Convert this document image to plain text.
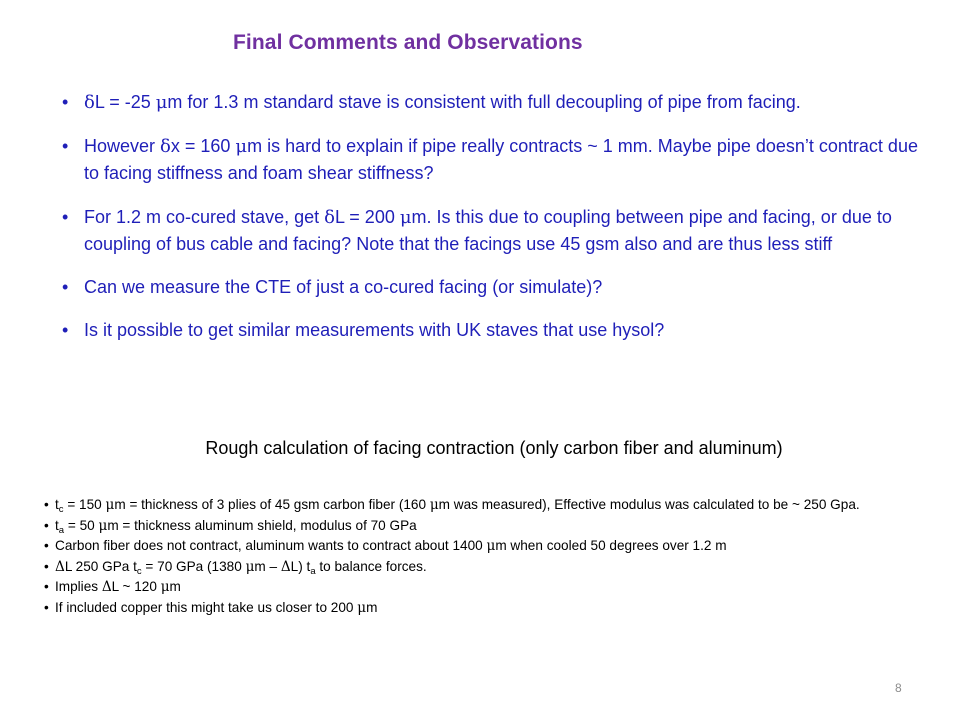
Final Comments and Observations
• δL = -25 μm for 1.3 m standard stave is consistent with full decoupling of pipe from facing.
• However δx = 160 μm is hard to explain if pipe really contracts ~ 1 mm. Maybe pipe doesn’t contract due to facing stiffness and foam shear stiffness?
• For 1.2 m co-cured stave, get δL = 200 μm. Is this due to coupling between pipe and facing, or due to coupling of bus cable and facing? Note that the facings use 45 gsm also and are thus less stiff
• Can we measure the CTE of just a co-cured facing (or simulate)?
• Is it possible to get similar measurements with UK staves that use hysol?
Rough calculation of facing contraction (only carbon fiber and aluminum)
• $t_c = 150$ μm = thickness of 3 plies of 45 gsm carbon fiber (160 μm was measured), Effective modulus was calculated to be ~ 250 Gpa.
• $t_a = 50$ μm = thickness aluminum shield, modulus of 70 GPa
• Carbon fiber does not contract, aluminum wants to contract about 1400 μm when cooled 50 degrees over 1.2 m
• ΔL 250 GPa $t_c = 70$ GPa (1380 μm – ΔL) $t_a$ to balance forces.
• Implies ΔL ~ 120 μm
• If included copper this might take us closer to 200 μm
8
